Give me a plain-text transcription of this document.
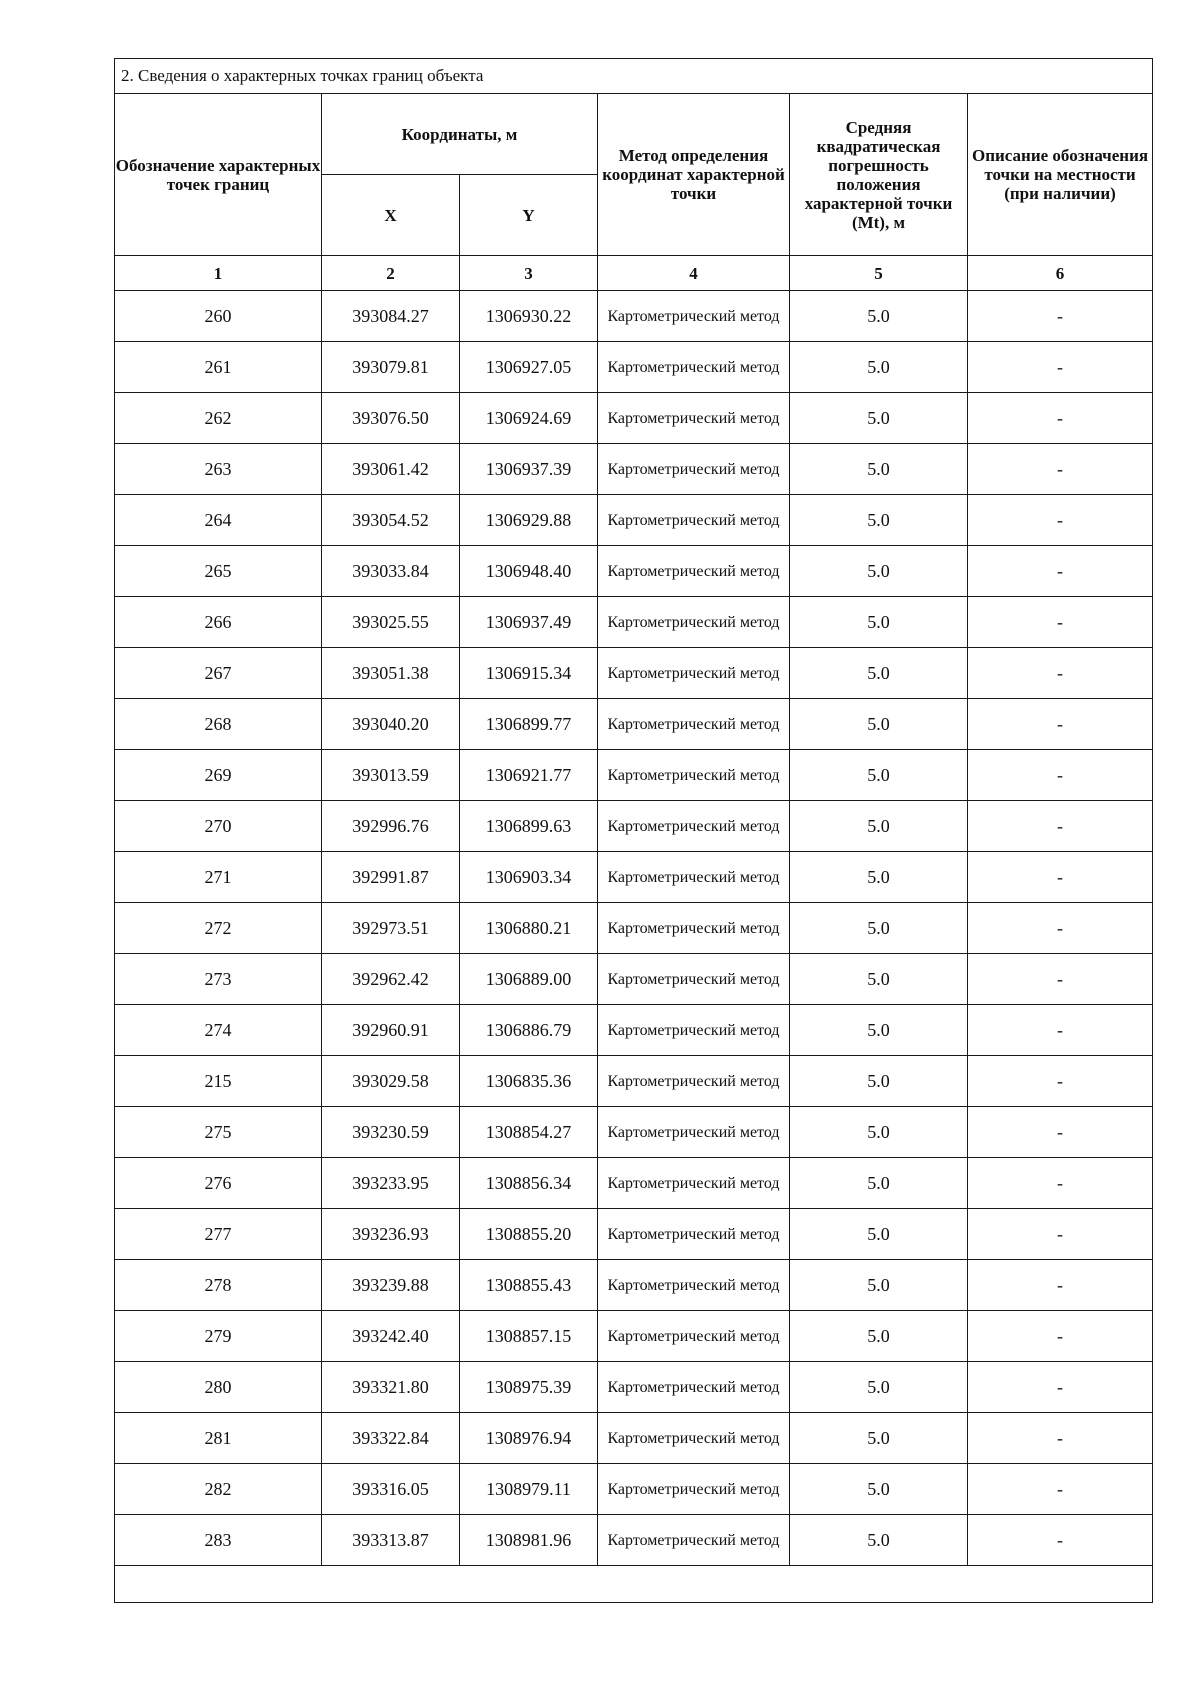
2. Сведения о характерных точках границ объекта					
Обозначение характерных точек границ	Координаты, м		Метод определения координат характерной точки	Средняя квадратическая погрешность положения характерной точки (Mt), м	Описание обозначения точки на местности (при наличии)
	X	Y			
1	2	3	4	5	6
260	393084.27	1306930.22	Картометрический метод	5.0	-
261	393079.81	1306927.05	Картометрический метод	5.0	-
262	393076.50	1306924.69	Картометрический метод	5.0	-
263	393061.42	1306937.39	Картометрический метод	5.0	-
264	393054.52	1306929.88	Картометрический метод	5.0	-
265	393033.84	1306948.40	Картометрический метод	5.0	-
266	393025.55	1306937.49	Картометрический метод	5.0	-
267	393051.38	1306915.34	Картометрический метод	5.0	-
268	393040.20	1306899.77	Картометрический метод	5.0	-
269	393013.59	1306921.77	Картометрический метод	5.0	-
270	392996.76	1306899.63	Картометрический метод	5.0	-
271	392991.87	1306903.34	Картометрический метод	5.0	-
272	392973.51	1306880.21	Картометрический метод	5.0	-
273	392962.42	1306889.00	Картометрический метод	5.0	-
274	392960.91	1306886.79	Картометрический метод	5.0	-
215	393029.58	1306835.36	Картометрический метод	5.0	-
275	393230.59	1308854.27	Картометрический метод	5.0	-
276	393233.95	1308856.34	Картометрический метод	5.0	-
277	393236.93	1308855.20	Картометрический метод	5.0	-
278	393239.88	1308855.43	Картометрический метод	5.0	-
279	393242.40	1308857.15	Картометрический метод	5.0	-
280	393321.80	1308975.39	Картометрический метод	5.0	-
281	393322.84	1308976.94	Картометрический метод	5.0	-
282	393316.05	1308979.11	Картометрический метод	5.0	-
283	393313.87	1308981.96	Картометрический метод	5.0	-
